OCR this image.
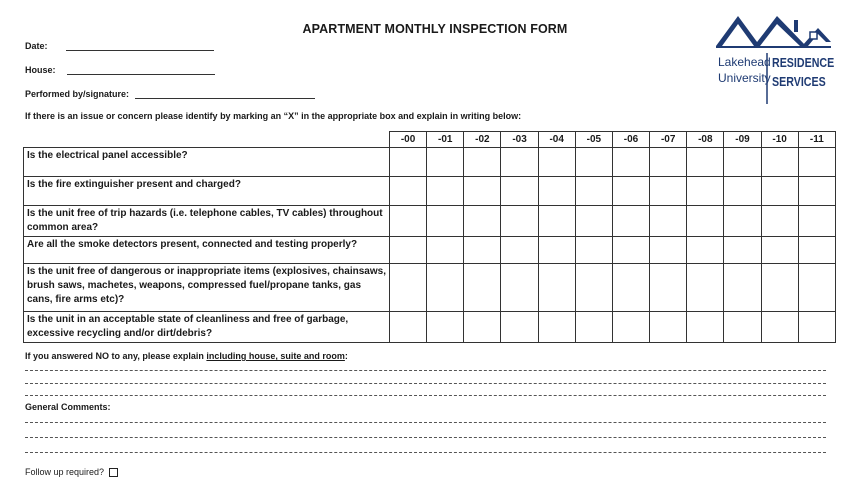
APARTMENT MONTHLY INSPECTION FORM
Date:
House:
Performed by/signature:
If there is an issue or concern please identify by marking an “X” in the appropriate box and explain in writing below:
Lakehead
University
RESIDENCE
SERVICES
	-00	-01	-02	-03	-04	-05	-06	-07	-08	-09	-10	-11
Is the electrical panel accessible?												
Is the fire extinguisher present and charged?												
Is the unit free of trip hazards (i.e. telephone cables, TV cables) throughout common area?												
Are all the smoke detectors present, connected and testing properly?												
Is the unit free of dangerous or inappropriate items (explosives, chainsaws, brush saws, machetes, weapons, compressed fuel/propane tanks, gas cans, fire arms etc)?												
Is the unit in an acceptable state of cleanliness and free of garbage, excessive recycling and/or dirt/debris?												
If you answered NO to any, please explain including house, suite and room:
General Comments:
Follow up required?
